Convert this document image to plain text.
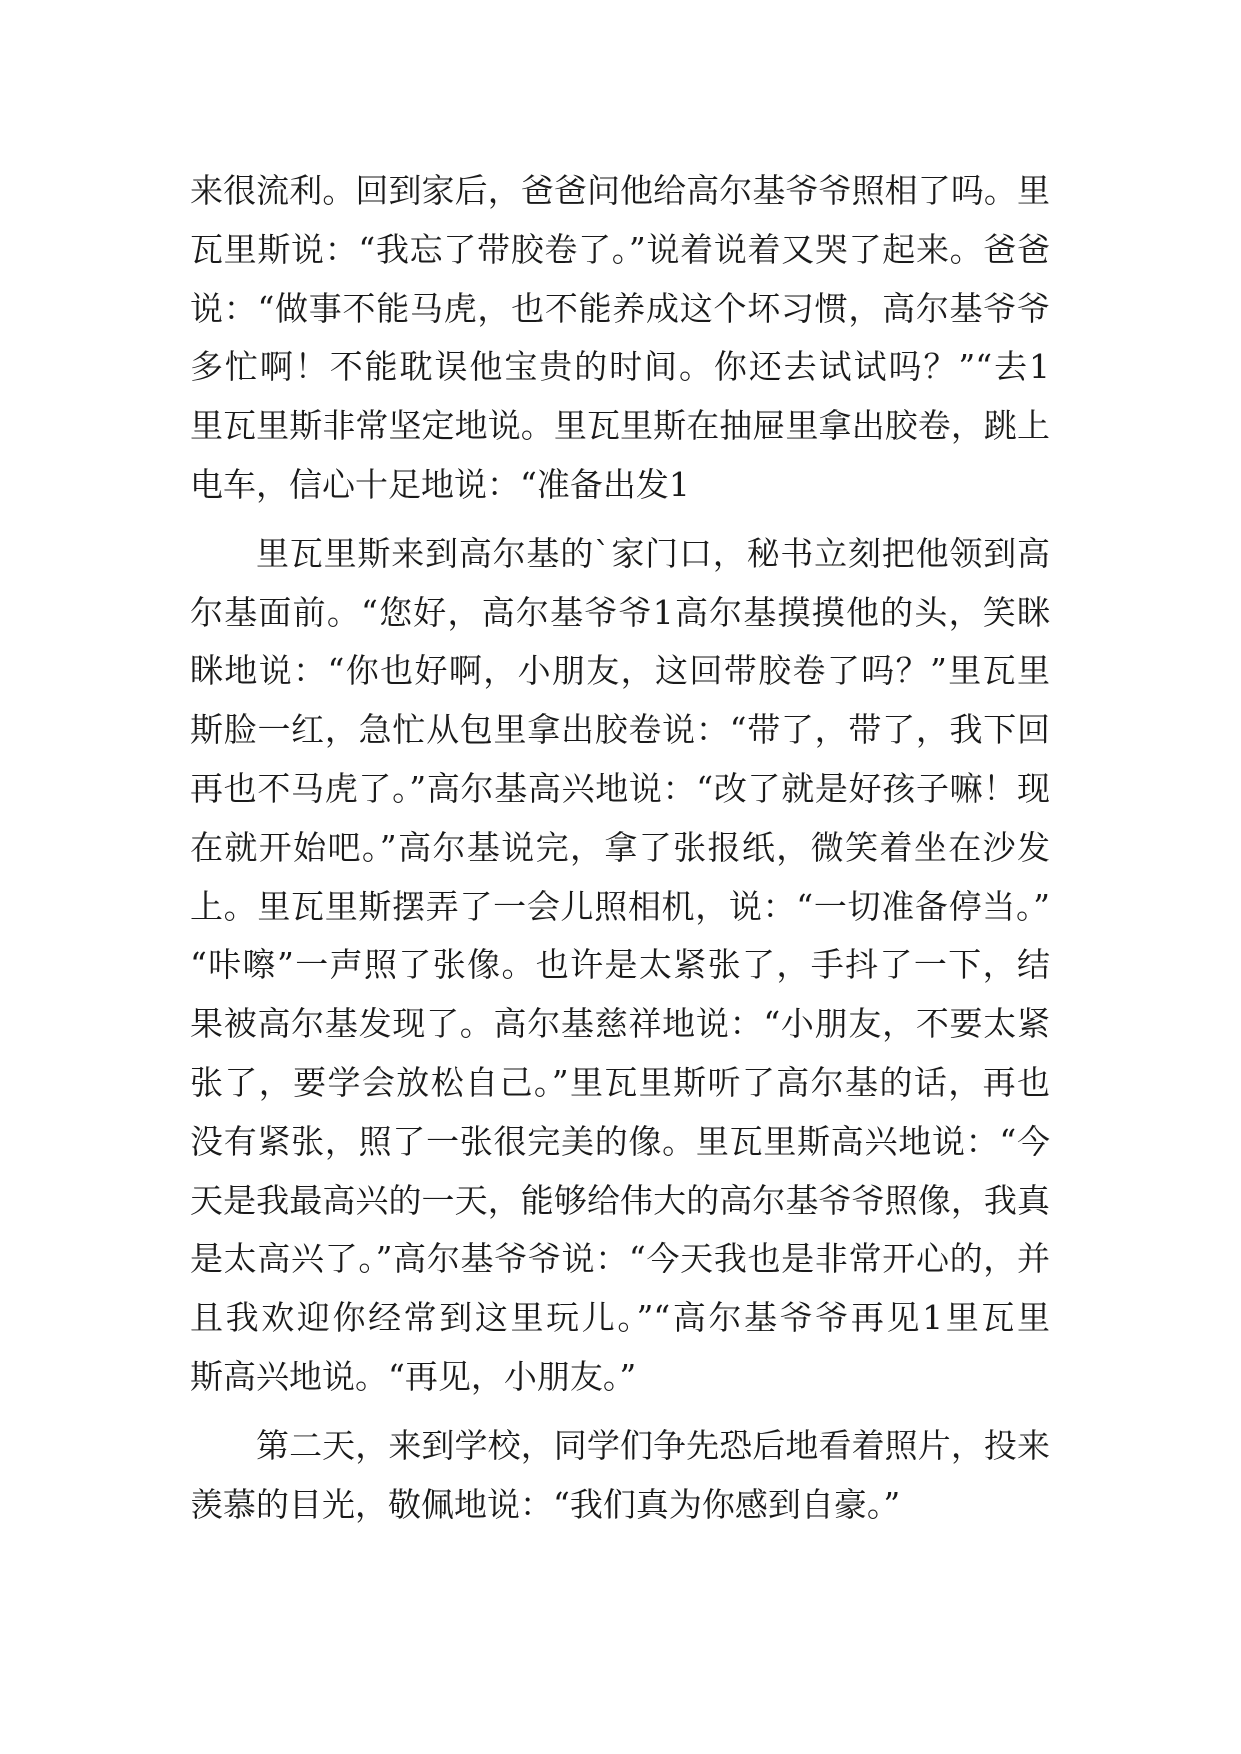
来很流利。回到家后，爸爸问他给高尔基爷爷照相了吗。里
瓦里斯说：“我忘了带胶卷了。”说着说着又哭了起来。爸爸
说：“做事不能马虎，也不能养成这个坏习惯，高尔基爷爷
多忙啊！不能耽误他宝贵的时间。你还去试试吗？”“去1
里瓦里斯非常坚定地说。里瓦里斯在抽屉里拿出胶卷，跳上
电车，信心十足地说：“准备出发1
里瓦里斯来到高尔基的`家门口，秘书立刻把他领到高
尔基面前。“您好，高尔基爷爷1高尔基摸摸他的头，笑眯
眯地说：“你也好啊，小朋友，这回带胶卷了吗？”里瓦里
斯脸一红，急忙从包里拿出胶卷说：“带了，带了，我下回
再也不马虎了。”高尔基高兴地说：“改了就是好孩子嘛！现
在就开始吧。”高尔基说完，拿了张报纸，微笑着坐在沙发
上。里瓦里斯摆弄了一会儿照相机，说：“一切准备停当。”
“咔嚓”一声照了张像。也许是太紧张了，手抖了一下，结
果被高尔基发现了。高尔基慈祥地说：“小朋友，不要太紧
张了，要学会放松自己。”里瓦里斯听了高尔基的话，再也
没有紧张，照了一张很完美的像。里瓦里斯高兴地说：“今
天是我最高兴的一天，能够给伟大的高尔基爷爷照像，我真
是太高兴了。”高尔基爷爷说：“今天我也是非常开心的，并
且我欢迎你经常到这里玩儿。”“高尔基爷爷再见1里瓦里
斯高兴地说。“再见，小朋友。”
第二天，来到学校，同学们争先恐后地看着照片，投来
羡慕的目光，敬佩地说：“我们真为你感到自豪。”
